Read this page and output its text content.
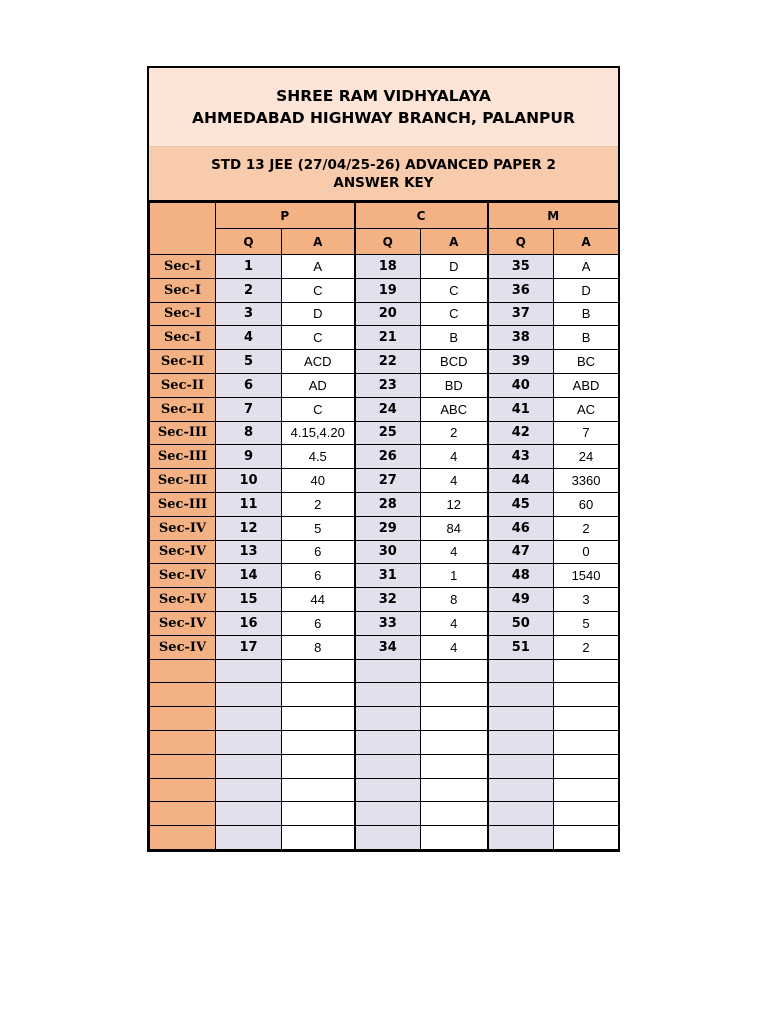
SHREE RAM VIDHYALAYA
AHMEDABAD HIGHWAY BRANCH, PALANPUR
STD 13 JEE (27/04/25-26) ADVANCED PAPER 2
ANSWER KEY
	P		C		M	
	Q	A	Q	A	Q	A
Sec-I	1	A	18	D	35	A
Sec-I	2	C	19	C	36	D
Sec-I	3	D	20	C	37	B
Sec-I	4	C	21	B	38	B
Sec-II	5	ACD	22	BCD	39	BC
Sec-II	6	AD	23	BD	40	ABD
Sec-II	7	C	24	ABC	41	AC
Sec-III	8	4.15,4.20	25	2	42	7
Sec-III	9	4.5	26	4	43	24
Sec-III	10	40	27	4	44	3360
Sec-III	11	2	28	12	45	60
Sec-IV	12	5	29	84	46	2
Sec-IV	13	6	30	4	47	0
Sec-IV	14	6	31	1	48	1540
Sec-IV	15	44	32	8	49	3
Sec-IV	16	6	33	4	50	5
Sec-IV	17	8	34	4	51	2
